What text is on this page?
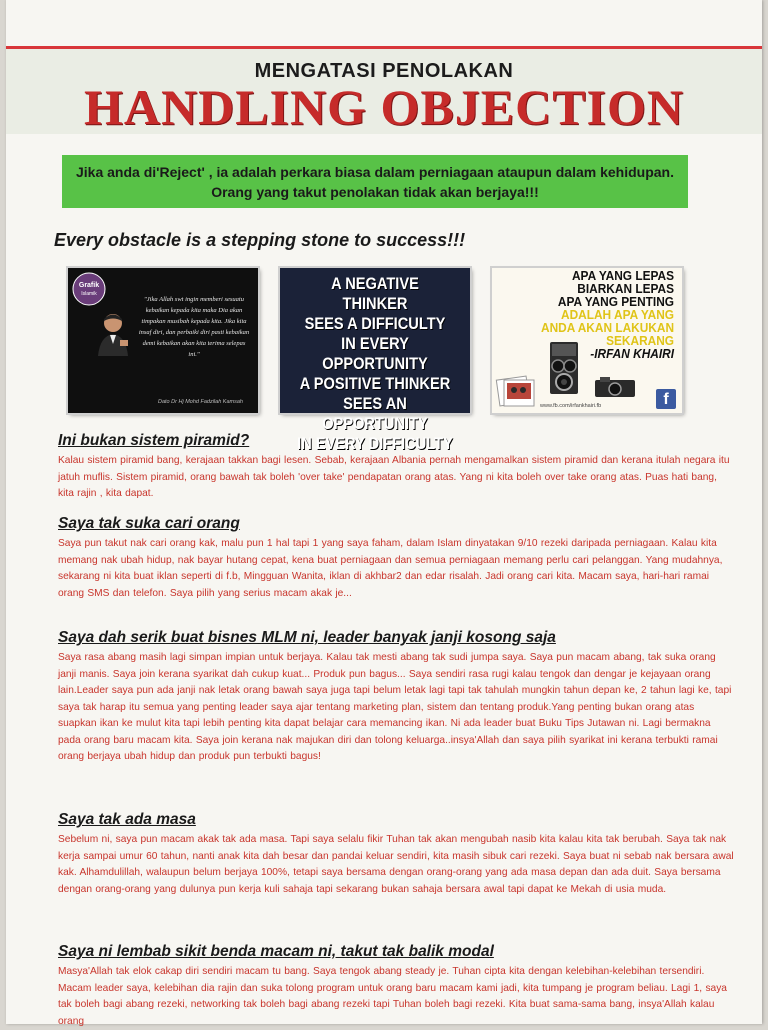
MENGATASI PENOLAKAN
HANDLING OBJECTION
Jika anda di'Reject' , ia adalah perkara biasa dalam perniagaan ataupun dalam kehidupan. Orang yang takut penolakan tidak akan berjaya!!!
Every obstacle is a stepping stone to success!!!
Grafik
Islamik
"Jika Allah swt ingin memberi sesuatu kebaikan kepada kita maka Dia akan timpakan musibah kepada kita. Jika kita insaf diri, dan perbaiki diri pasti kebaikan demi kebaikan akan kita terima selepas ini."
Dato Dr Hj Mohd Fadzilah Kamsah
A NEGATIVE THINKER
SEES A DIFFICULTY
IN EVERY OPPORTUNITY
A POSITIVE THINKER
SEES AN OPPORTUNITY
IN EVERY DIFFICULTY
APA YANG LEPAS
BIARKAN LEPAS
APA YANG PENTING
ADALAH APA YANG
ANDA AKAN LAKUKAN
SEKARANG
-IRFAN KHAIRI
www.fb.com/irfankhairi.fb	f
Ini bukan sistem piramid?

Kalau sistem piramid bang, kerajaan takkan bagi lesen. Sebab, kerajaan Albania pernah mengamalkan sistem piramid dan kerana itulah negara itu jatuh muflis. Sistem piramid, orang bawah tak boleh 'over take' pendapatan orang atas. Yang ni kita boleh over take orang atas. Puas hati bang, kita rajin , kita dapat.

Saya tak suka cari orang

Saya pun takut nak cari orang kak, malu pun 1 hal tapi 1 yang saya faham, dalam Islam dinyatakan 9/10 rezeki daripada perniagaan. Kalau kita memang nak ubah hidup, nak bayar hutang cepat, kena buat perniagaan dan semua perniagaan memang perlu cari pelanggan. Yang mudahnya, sekarang ni kita buat iklan seperti di f.b, Mingguan Wanita, iklan di akhbar2 dan edar risalah. Jadi orang cari kita. Macam saya, hari-hari ramai orang SMS dan telefon. Saya pilih yang serius macam akak je...

Saya dah serik buat bisnes MLM ni, leader banyak janji kosong saja

Saya rasa abang masih lagi simpan impian untuk berjaya. Kalau tak mesti abang tak sudi jumpa saya. Saya pun macam abang, tak suka orang janji manis. Saya join kerana syarikat dah cukup kuat... Produk pun bagus... Saya sendiri rasa rugi kalau tengok dan dengar je kejayaan orang lain.Leader saya pun ada janji nak letak orang bawah saya juga tapi belum letak lagi tapi tak tahulah mungkin tahun depan ke, 2 tahun lagi ke, tapi saya tak harap itu semua yang penting leader saya ajar tentang marketing plan, sistem dan tentang produk.Yang penting bukan orang atas suapkan ikan ke mulut kita tapi lebih penting kita dapat belajar cara memancing ikan. Ni ada leader buat Buku Tips Jutawan ni. Lagi bermakna pada orang baru macam kita. Saya join kerana nak majukan diri dan tolong keluarga..insya'Allah dan saya pilih syarikat ini kerana terbukti ramai orang berjaya ubah hidup dan produk pun terbukti bagus!

Saya tak ada masa

Sebelum ni, saya pun macam akak tak ada masa. Tapi saya selalu fikir Tuhan tak akan mengubah nasib kita kalau kita tak berubah. Saya tak nak kerja sampai umur 60 tahun, nanti anak kita dah besar dan pandai keluar sendiri, kita masih sibuk cari rezeki. Saya buat ni sebab nak bersara awal kak. Alhamdulillah, walaupun belum berjaya 100%, tetapi saya bersama dengan orang-orang yang ada masa depan dan ada duit. Saya bersama dengan orang-orang yang dulunya pun kerja kuli sahaja tapi sekarang bukan sahaja bersara awal tapi dapat ke Mekah di usia muda.

Saya ni lembab sikit benda macam ni, takut tak balik modal

Masya'Allah tak elok cakap diri sendiri macam tu bang. Saya tengok abang steady je. Tuhan cipta kita dengan kelebihan-kelebihan tersendiri. Macam leader saya, kelebihan dia rajin dan suka tolong program untuk orang baru macam kami jadi, kita tumpang je program beliau. Lagi 1, saya tak boleh bagi abang rezeki, networking tak boleh bagi abang rezeki tapi Tuhan boleh bagi rezeki. Kita buat sama-sama bang, insya'Allah kalau orang
